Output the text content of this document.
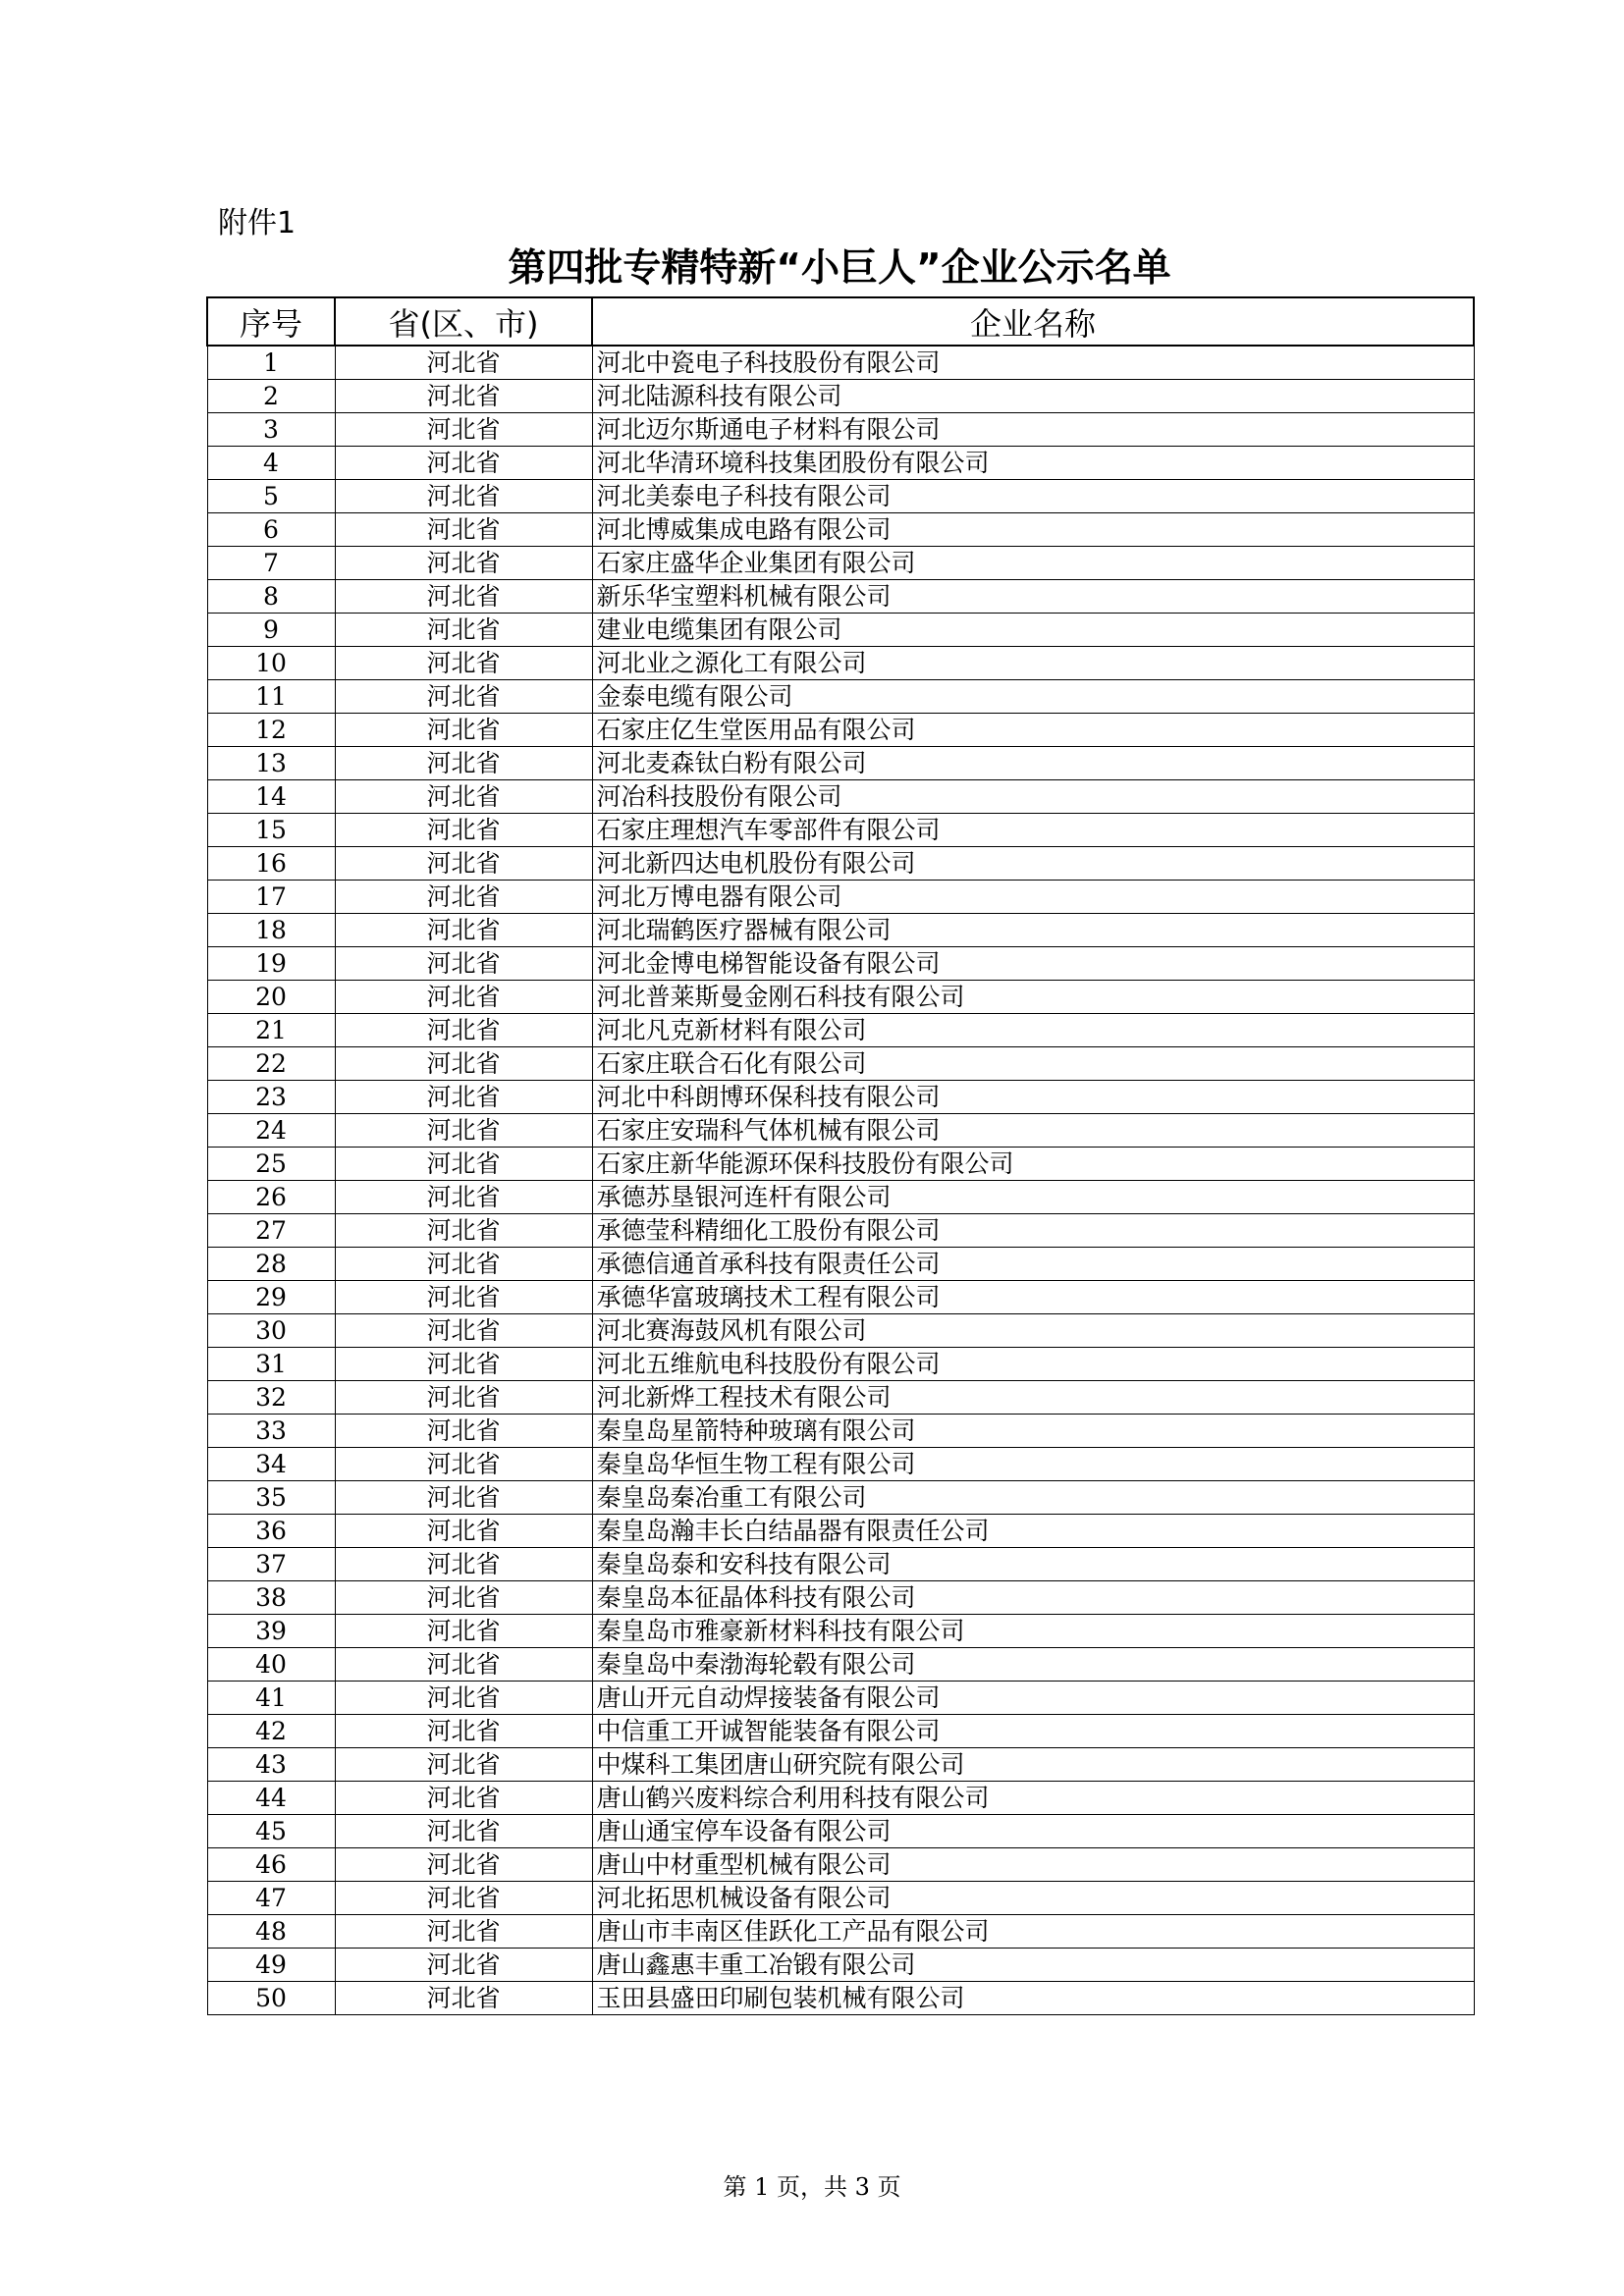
附件1
第四批专精特新“小巨人”企业公示名单
序号	省(区、市)	企业名称
1	河北省	河北中瓷电子科技股份有限公司
2	河北省	河北陆源科技有限公司
3	河北省	河北迈尔斯通电子材料有限公司
4	河北省	河北华清环境科技集团股份有限公司
5	河北省	河北美泰电子科技有限公司
6	河北省	河北博威集成电路有限公司
7	河北省	石家庄盛华企业集团有限公司
8	河北省	新乐华宝塑料机械有限公司
9	河北省	建业电缆集团有限公司
10	河北省	河北业之源化工有限公司
11	河北省	金泰电缆有限公司
12	河北省	石家庄亿生堂医用品有限公司
13	河北省	河北麦森钛白粉有限公司
14	河北省	河冶科技股份有限公司
15	河北省	石家庄理想汽车零部件有限公司
16	河北省	河北新四达电机股份有限公司
17	河北省	河北万博电器有限公司
18	河北省	河北瑞鹤医疗器械有限公司
19	河北省	河北金博电梯智能设备有限公司
20	河北省	河北普莱斯曼金刚石科技有限公司
21	河北省	河北凡克新材料有限公司
22	河北省	石家庄联合石化有限公司
23	河北省	河北中科朗博环保科技有限公司
24	河北省	石家庄安瑞科气体机械有限公司
25	河北省	石家庄新华能源环保科技股份有限公司
26	河北省	承德苏垦银河连杆有限公司
27	河北省	承德莹科精细化工股份有限公司
28	河北省	承德信通首承科技有限责任公司
29	河北省	承德华富玻璃技术工程有限公司
30	河北省	河北赛海鼓风机有限公司
31	河北省	河北五维航电科技股份有限公司
32	河北省	河北新烨工程技术有限公司
33	河北省	秦皇岛星箭特种玻璃有限公司
34	河北省	秦皇岛华恒生物工程有限公司
35	河北省	秦皇岛秦冶重工有限公司
36	河北省	秦皇岛瀚丰长白结晶器有限责任公司
37	河北省	秦皇岛泰和安科技有限公司
38	河北省	秦皇岛本征晶体科技有限公司
39	河北省	秦皇岛市雅豪新材料科技有限公司
40	河北省	秦皇岛中秦渤海轮毂有限公司
41	河北省	唐山开元自动焊接装备有限公司
42	河北省	中信重工开诚智能装备有限公司
43	河北省	中煤科工集团唐山研究院有限公司
44	河北省	唐山鹤兴废料综合利用科技有限公司
45	河北省	唐山通宝停车设备有限公司
46	河北省	唐山中材重型机械有限公司
47	河北省	河北拓思机械设备有限公司
48	河北省	唐山市丰南区佳跃化工产品有限公司
49	河北省	唐山鑫惠丰重工冶锻有限公司
50	河北省	玉田县盛田印刷包装机械有限公司
第 1 页，共 3 页
